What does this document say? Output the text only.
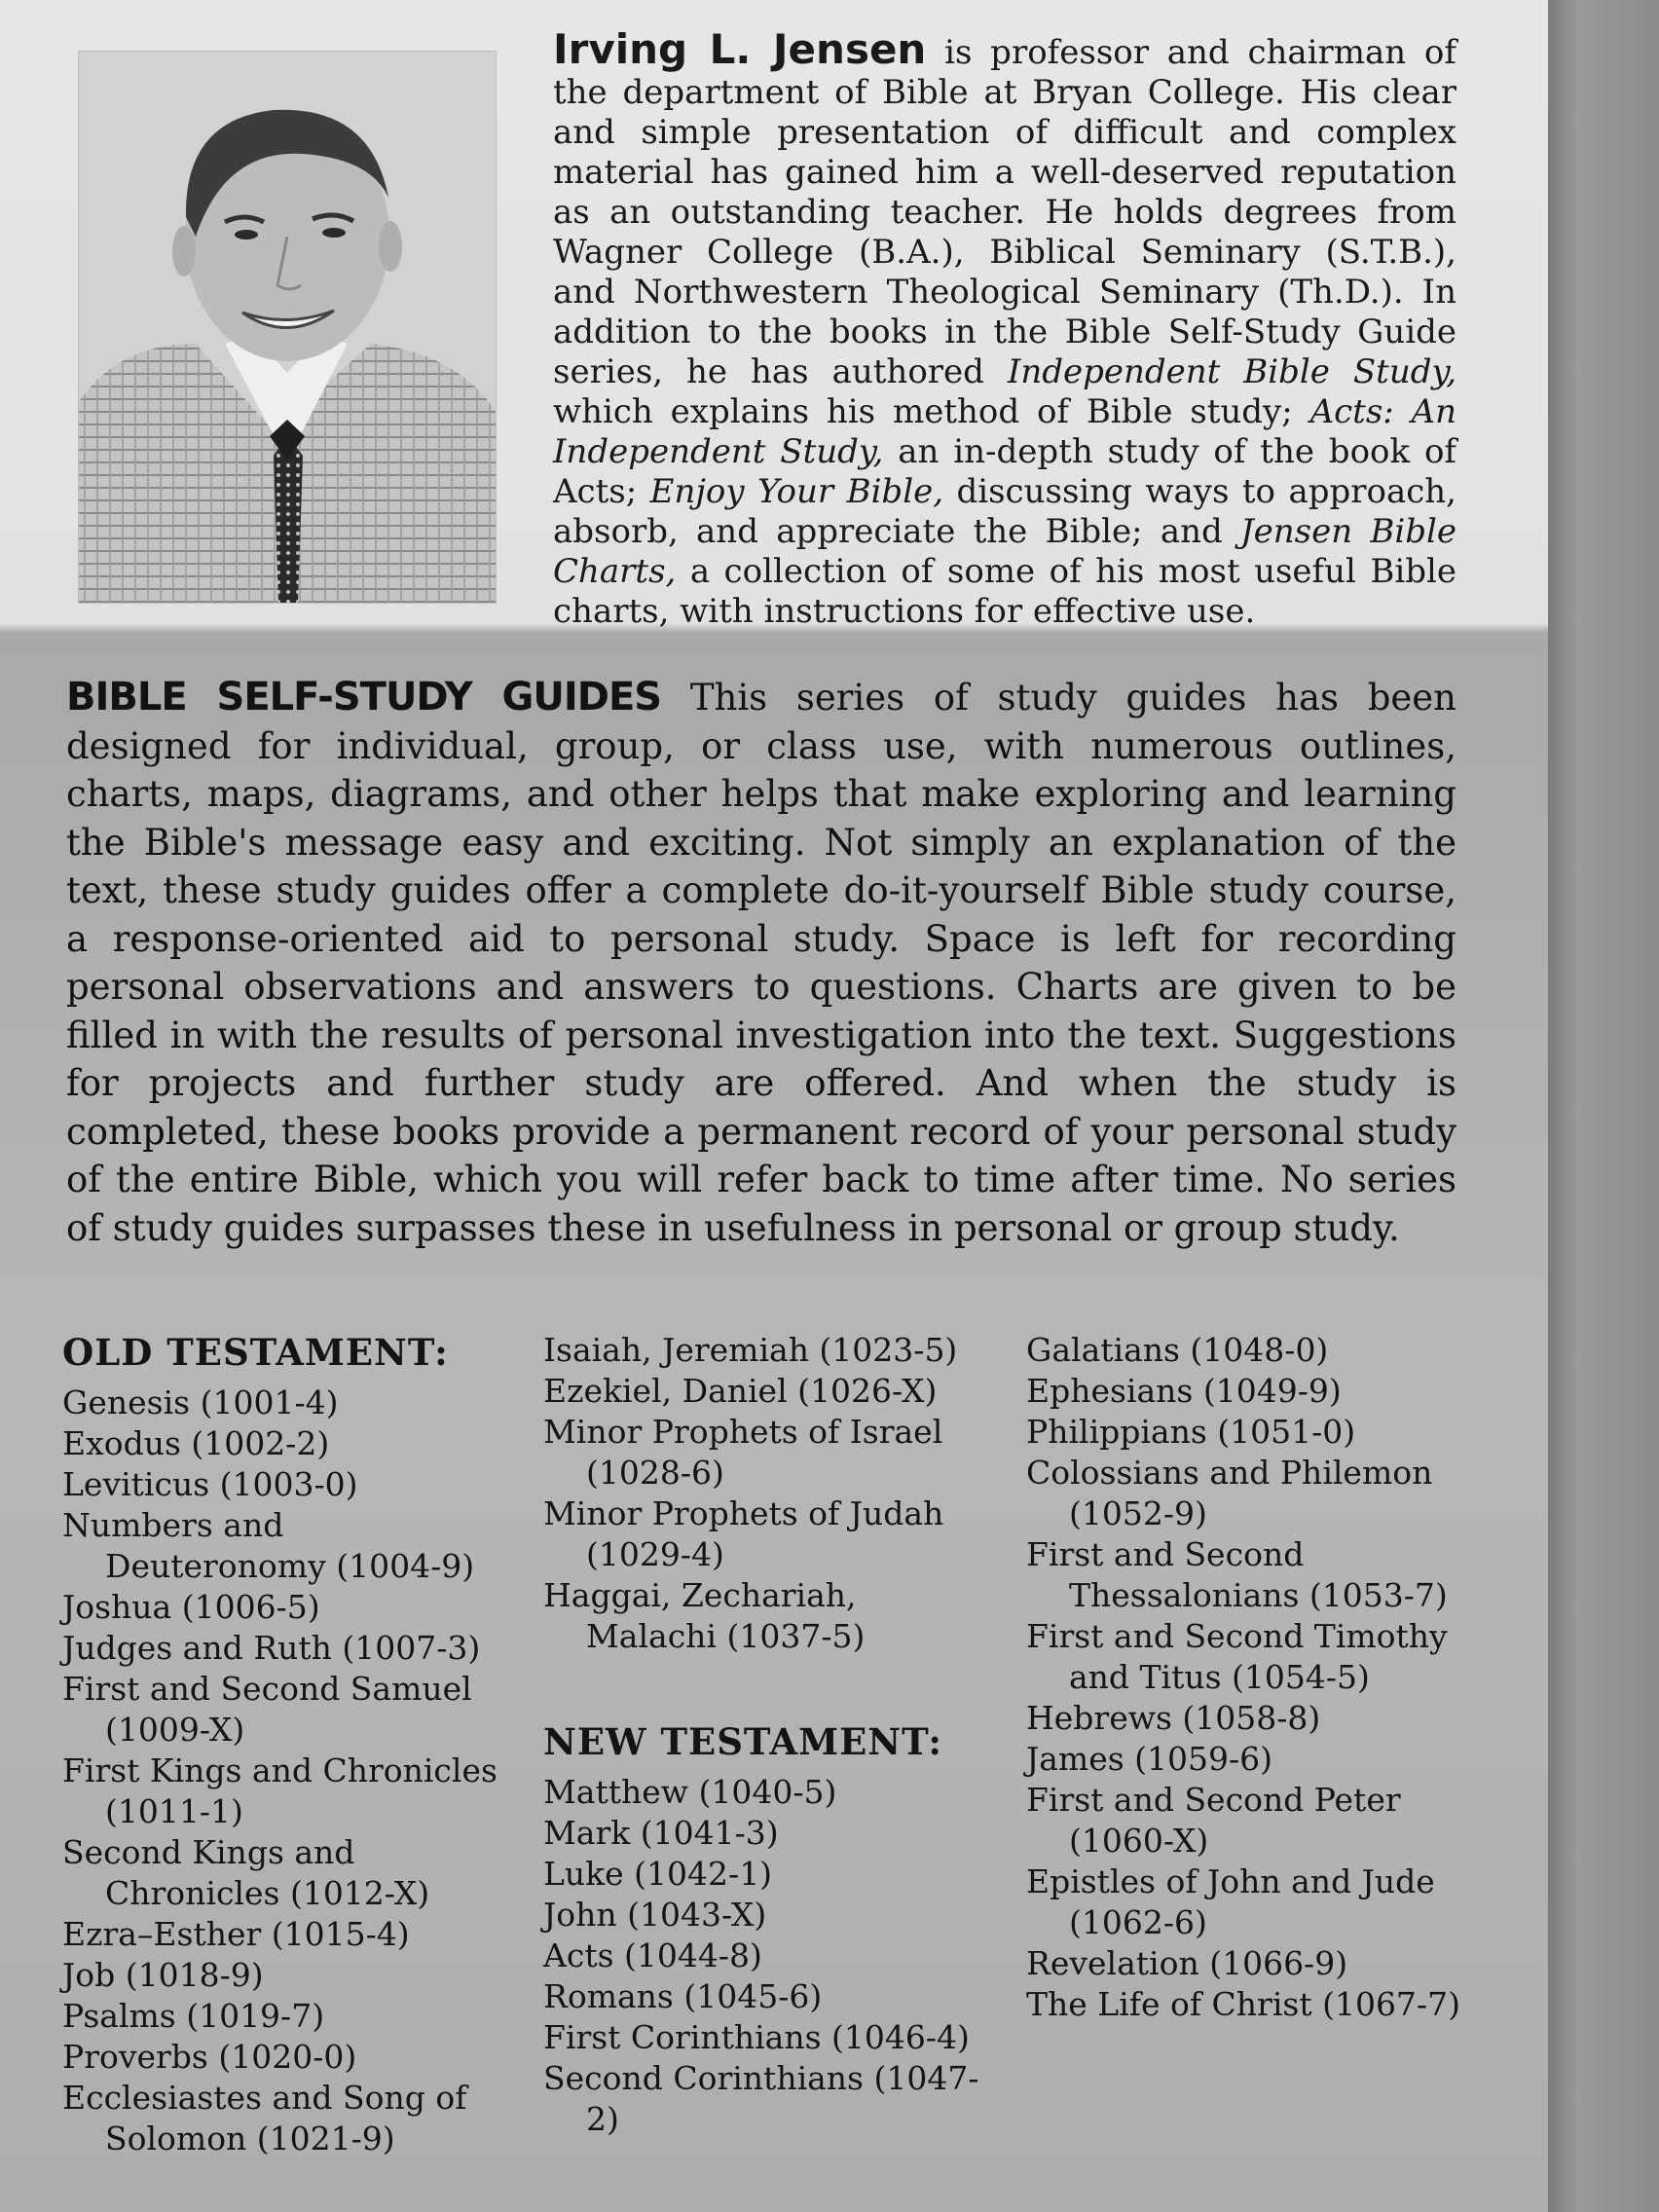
Irving L. Jensen is professor and chairman of the department of Bible at Bryan College. His clear and simple presentation of difficult and complex material has gained him a well-deserved reputation as an outstanding teacher. He holds degrees from Wagner College (B.A.), Biblical Seminary (S.T.B.), and Northwestern Theological Seminary (Th.D.). In addition to the books in the Bible Self-Study Guide series, he has authored Independent Bible Study, which explains his method of Bible study; Acts: An Independent Study, an in-depth study of the book of Acts; Enjoy Your Bible, discussing ways to approach, absorb, and appreciate the Bible; and Jensen Bible Charts, a collection of some of his most useful Bible charts, with instructions for effective use.
BIBLE SELF-STUDY GUIDES This series of study guides has been designed for individual, group, or class use, with numerous outlines, charts, maps, diagrams, and other helps that make exploring and learning the Bible's message easy and exciting. Not simply an explanation of the text, these study guides offer a complete do-it-yourself Bible study course, a response-oriented aid to personal study. Space is left for recording personal observations and answers to questions. Charts are given to be filled in with the results of personal investigation into the text. Suggestions for projects and further study are offered. And when the study is completed, these books provide a permanent record of your personal study of the entire Bible, which you will refer back to time after time. No series of study guides surpasses these in usefulness in personal or group study.
OLD TESTAMENT:
Genesis (1001-4)
Exodus (1002-2)
Leviticus (1003-0)
Numbers and Deuteronomy (1004-9)
Joshua (1006-5)
Judges and Ruth (1007-3)
First and Second Samuel (1009-X)
First Kings and Chronicles (1011-1)
Second Kings and Chronicles (1012-X)
Ezra–Esther (1015-4)
Job (1018-9)
Psalms (1019-7)
Proverbs (1020-0)
Ecclesiastes and Song of Solomon (1021-9)
Isaiah, Jeremiah (1023-5)
Ezekiel, Daniel (1026-X)
Minor Prophets of Israel (1028-6)
Minor Prophets of Judah (1029-4)
Haggai, Zechariah, Malachi (1037-5)
NEW TESTAMENT:
Matthew (1040-5)
Mark (1041-3)
Luke (1042-1)
John (1043-X)
Acts (1044-8)
Romans (1045-6)
First Corinthians (1046-4)
Second Corinthians (1047-2)
Galatians (1048-0)
Ephesians (1049-9)
Philippians (1051-0)
Colossians and Philemon (1052-9)
First and Second Thessalonians (1053-7)
First and Second Timothy and Titus (1054-5)
Hebrews (1058-8)
James (1059-6)
First and Second Peter (1060-X)
Epistles of John and Jude (1062-6)
Revelation (1066-9)
The Life of Christ (1067-7)
